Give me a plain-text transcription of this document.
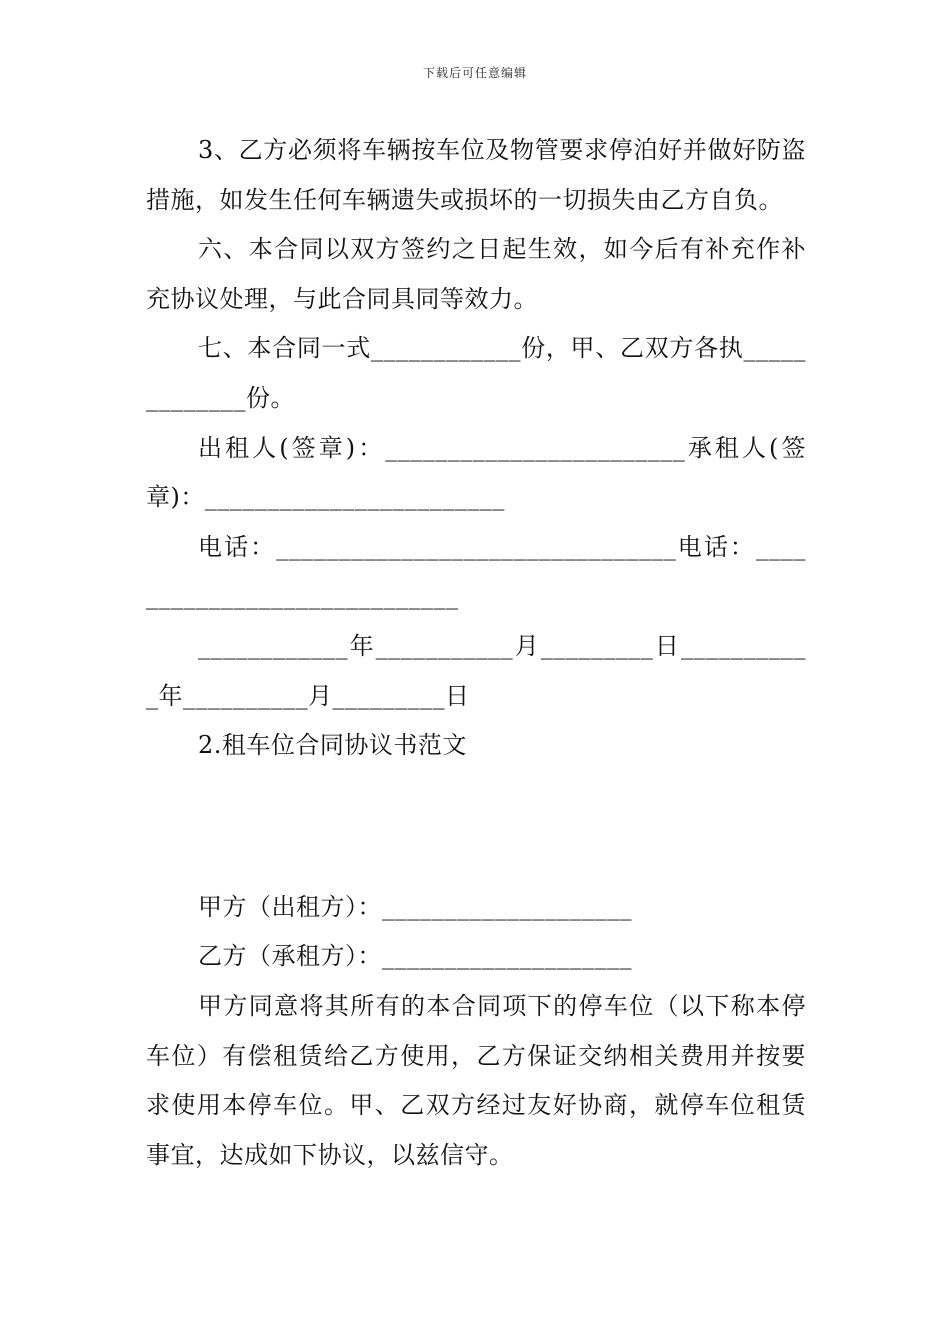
下载后可任意编辑

3、乙方必须将车辆按车位及物管要求停泊好并做好防盗措施，如发生任何车辆遗失或损坏的一切损失由乙方自负。

六、本合同以双方签约之日起生效，如今后有补充作补充协议处理，与此合同具同等效力。

七、本合同一式____________份，甲、乙双方各执_____________份。

出租人(签章)：________________________承租人(签章)：________________________

电话：________________________________电话：_____________________________

____________年___________月_________日___________年__________月_________日

2.租车位合同协议书范文

甲方（出租方）：____________________

乙方（承租方）：____________________

甲方同意将其所有的本合同项下的停车位（以下称本停车位）有偿租赁给乙方使用，乙方保证交纳相关费用并按要求使用本停车位。甲、乙双方经过友好协商，就停车位租赁事宜，达成如下协议，以兹信守。
